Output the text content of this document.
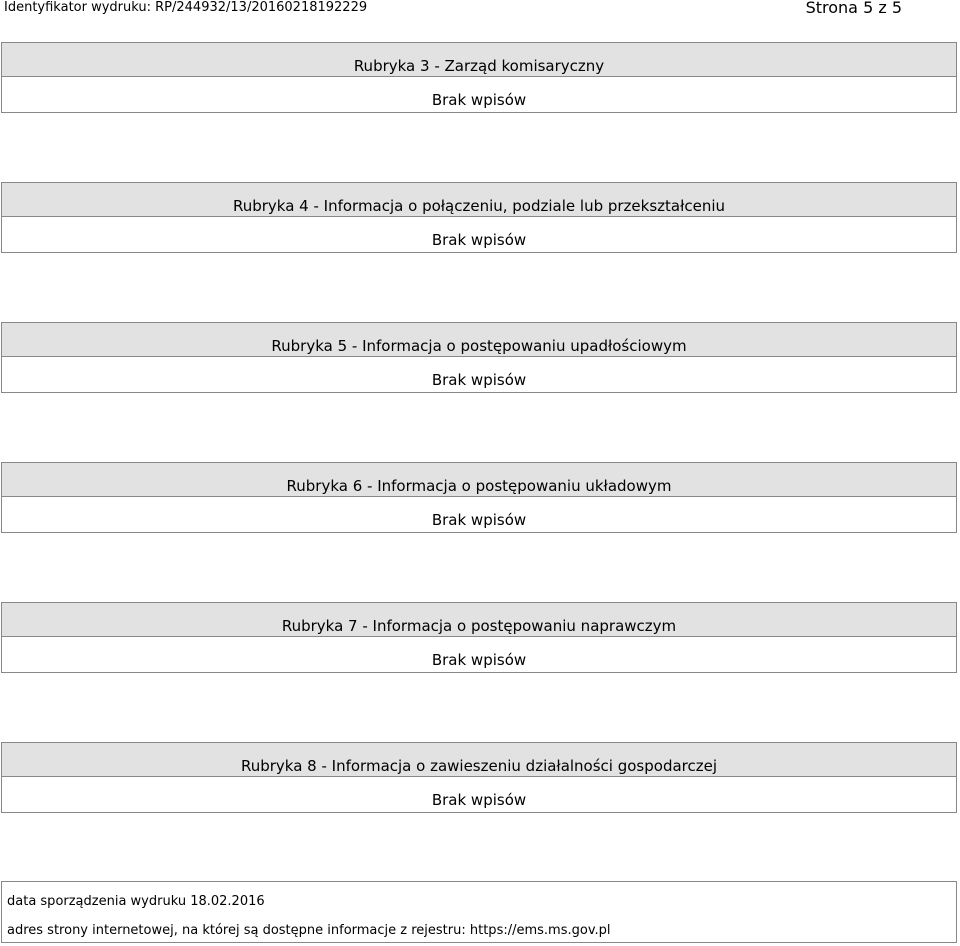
Identyfikator wydruku: RP/244932/13/20160218192229	Strona 5 z 5
Rubryka 3 - Zarząd komisaryczny
Brak wpisów
Rubryka 4 - Informacja o połączeniu, podziale lub przekształceniu
Brak wpisów
Rubryka 5 - Informacja o postępowaniu upadłościowym
Brak wpisów
Rubryka 6 - Informacja o postępowaniu układowym
Brak wpisów
Rubryka 7 - Informacja o postępowaniu naprawczym
Brak wpisów
Rubryka 8 - Informacja o zawieszeniu działalności gospodarczej
Brak wpisów
data sporządzenia wydruku 18.02.2016
adres strony internetowej, na której są dostępne informacje z rejestru: https://ems.ms.gov.pl
